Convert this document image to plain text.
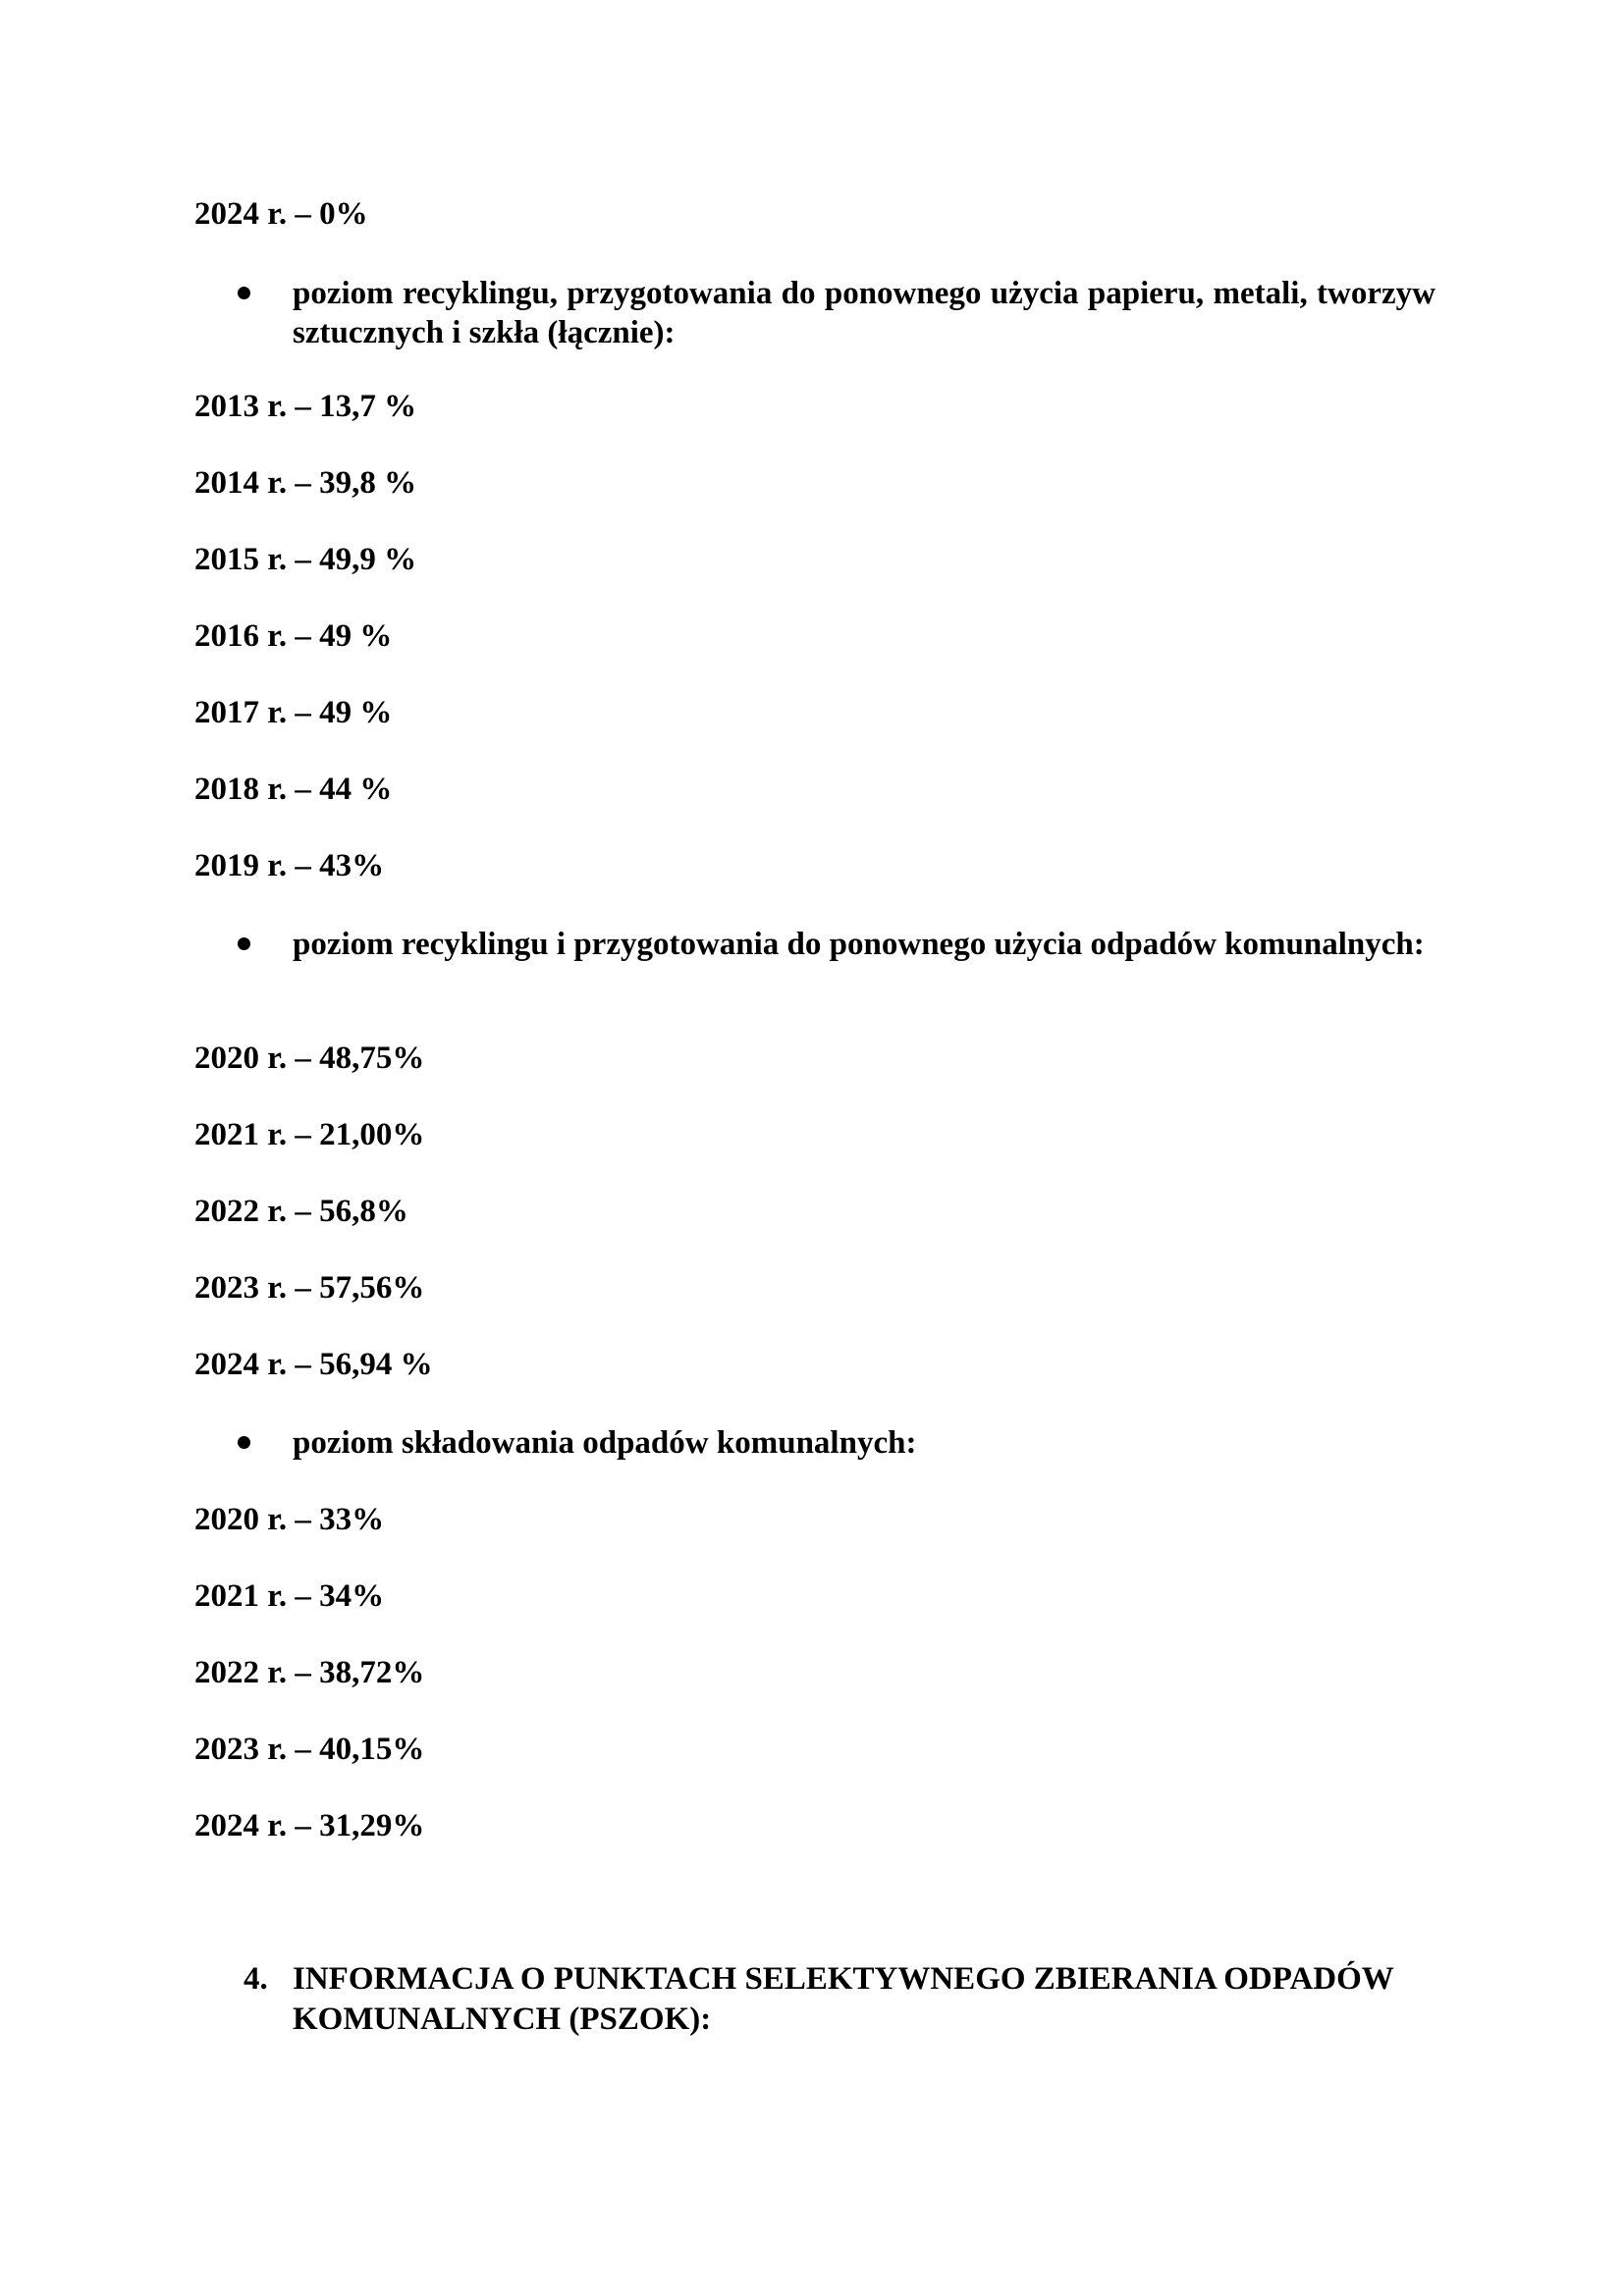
2024 r. – 0%
poziom recyklingu, przygotowania do ponownego użycia papieru, metali, tworzyw sztucznych i szkła (łącznie):
2013 r. – 13,7 %
2014 r. – 39,8 %
2015 r. – 49,9 %
2016 r. – 49 %
2017 r. – 49 %
2018 r. – 44 %
2019 r. – 43%
poziom recyklingu i przygotowania do ponownego użycia odpadów komunalnych:
2020 r. – 48,75%
2021 r. – 21,00%
2022 r. – 56,8%
2023 r. – 57,56%
2024 r. – 56,94 %
poziom składowania odpadów komunalnych:
2020 r. – 33%
2021 r. – 34%
2022 r. – 38,72%
2023 r. – 40,15%
2024 r. – 31,29%
4. INFORMACJA O PUNKTACH SELEKTYWNEGO ZBIERANIA ODPADÓW KOMUNALNYCH (PSZOK):
